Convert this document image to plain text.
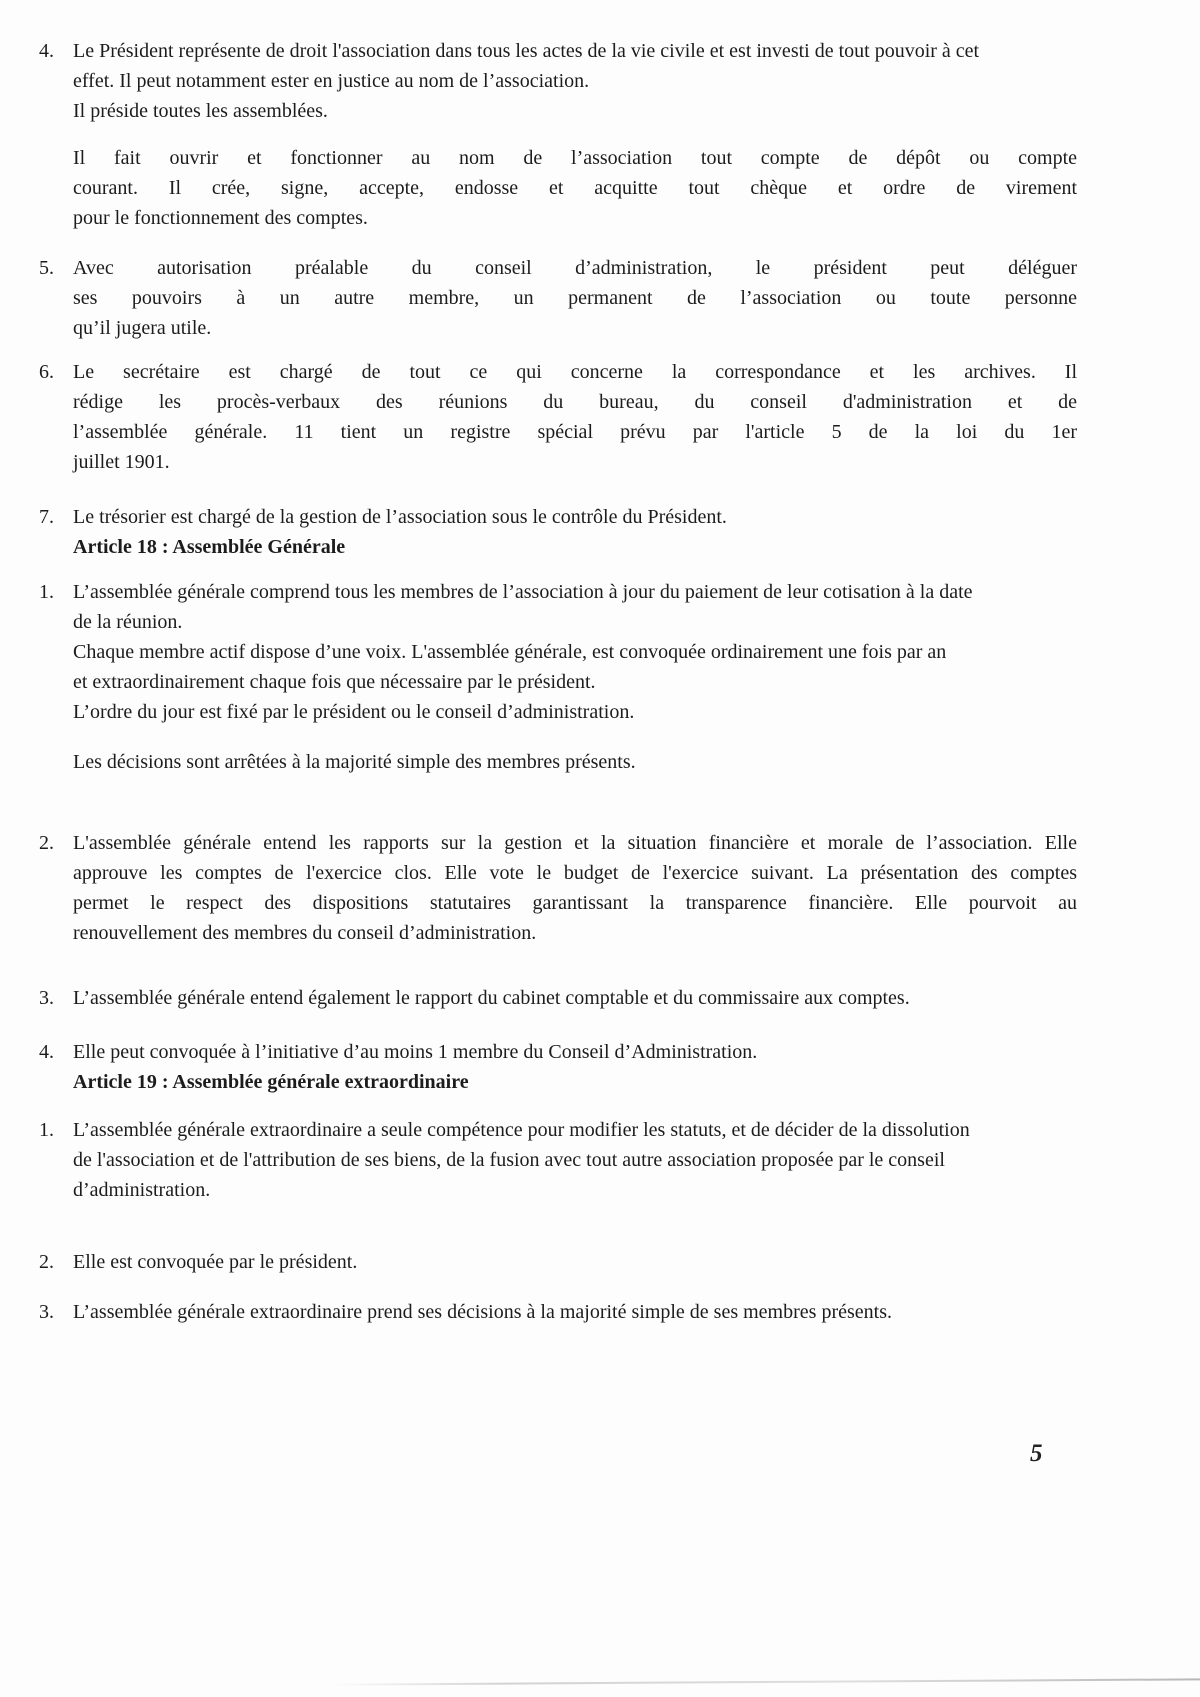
4. Le Président représente de droit l'association dans tous les actes de la vie civile et est investi de tout pouvoir à cet
effet. Il peut notamment ester en justice au nom de l’association.
Il préside toutes les assemblées.
Il fait ouvrir et fonctionner au nom de l’association tout compte de dépôt ou compte
courant. Il crée, signe, accepte, endosse et acquitte tout chèque et ordre de virement
pour le fonctionnement des comptes.
5. Avec autorisation préalable du conseil d’administration, le président peut déléguer
ses pouvoirs à un autre membre, un permanent de l’association ou toute personne
qu’il jugera utile.
6. Le secrétaire est chargé de tout ce qui concerne la correspondance et les archives. Il
rédige les procès-verbaux des réunions du bureau, du conseil d'administration et de
l’assemblée générale. 11 tient un registre spécial prévu par l'article 5 de la loi du 1er
juillet 1901.
7. Le trésorier est chargé de la gestion de l’association sous le contrôle du Président.
Article 18 : Assemblée Générale
1. L’assemblée générale comprend tous les membres de l’association à jour du paiement de leur cotisation à la date
de la réunion.
Chaque membre actif dispose d’une voix. L'assemblée générale, est convoquée ordinairement une fois par an
et extraordinairement chaque fois que nécessaire par le président.
L’ordre du jour est fixé par le président ou le conseil d’administration.
Les décisions sont arrêtées à la majorité simple des membres présents.
2. L'assemblée générale entend les rapports sur la gestion et la situation financière et morale de l’association. Elle
approuve les comptes de l'exercice clos. Elle vote le budget de l'exercice suivant. La présentation des comptes
permet le respect des dispositions statutaires garantissant la transparence financière. Elle pourvoit au
renouvellement des membres du conseil d’administration.
3. L’assemblée générale entend également le rapport du cabinet comptable et du commissaire aux comptes.
4. Elle peut convoquée à l’initiative d’au moins 1 membre du Conseil d’Administration.
Article 19 : Assemblée générale extraordinaire
1. L’assemblée générale extraordinaire a seule compétence pour modifier les statuts, et de décider de la dissolution
de l'association et de l'attribution de ses biens, de la fusion avec tout autre association proposée par le conseil
d’administration.
2. Elle est convoquée par le président.
3. L’assemblée générale extraordinaire prend ses décisions à la majorité simple de ses membres présents.
5
